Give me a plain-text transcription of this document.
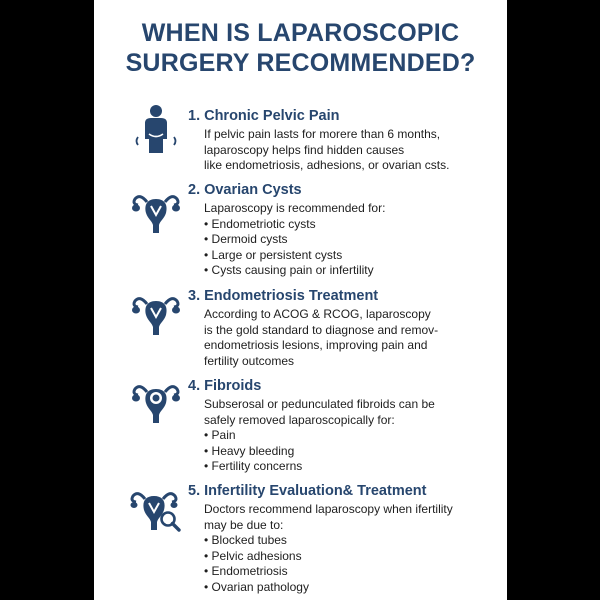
WHEN IS LAPAROSCOPIC
SURGERY RECOMMENDED?
1. Chronic Pelvic Pain
If pelvic pain lasts for morere than 6 months,
laparoscopy helps find hidden causes
like endometriosis, adhesions, or ovarian csts.
2. Ovarian Cysts
Laparoscopy is recommended for:
• Endometriotic cysts
• Dermoid cysts
• Large or persistent cysts
• Cysts causing pain or infertility
3. Endometriosis Treatment
According to ACOG & RCOG, laparoscopy
is the gold standard to diagnose and remov-
endometriosis lesions, improving pain and
fertility outcomes
4. Fibroids
Subserosal or pedunculated fibroids can be
safely removed laparoscopically for:
• Pain
• Heavy bleeding
• Fertility concerns
5. Infertility Evaluation& Treatment
Doctors recommend laparoscopy when ifertility
may be due to:
• Blocked tubes
• Pelvic adhesions
• Endometriosis
• Ovarian pathology
